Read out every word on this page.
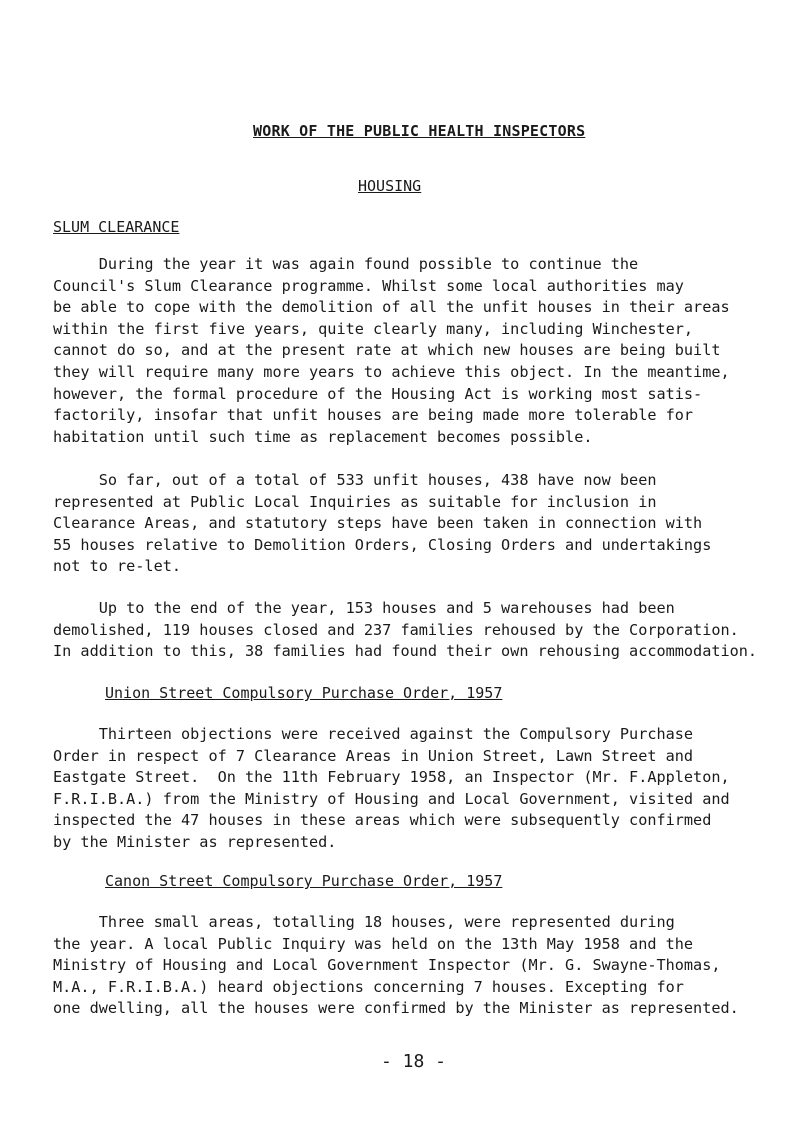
WORK OF THE PUBLIC HEALTH INSPECTORS
HOUSING
SLUM CLEARANCE
During the year it was again found possible to continue the
Council's Slum Clearance programme. Whilst some local authorities may
be able to cope with the demolition of all the unfit houses in their areas
within the first five years, quite clearly many, including Winchester,
cannot do so, and at the present rate at which new houses are being built
they will require many more years to achieve this object. In the meantime,
however, the formal procedure of the Housing Act is working most satis-
factorily, insofar that unfit houses are being made more tolerable for
habitation until such time as replacement becomes possible.
So far, out of a total of 533 unfit houses, 438 have now been
represented at Public Local Inquiries as suitable for inclusion in
Clearance Areas, and statutory steps have been taken in connection with
55 houses relative to Demolition Orders, Closing Orders and undertakings
not to re-let.
Up to the end of the year, 153 houses and 5 warehouses had been
demolished, 119 houses closed and 237 families rehoused by the Corporation.
In addition to this, 38 families had found their own rehousing accommodation.
Union Street Compulsory Purchase Order, 1957
Thirteen objections were received against the Compulsory Purchase
Order in respect of 7 Clearance Areas in Union Street, Lawn Street and
Eastgate Street.  On the 11th February 1958, an Inspector (Mr. F.Appleton,
F.R.I.B.A.) from the Ministry of Housing and Local Government, visited and
inspected the 47 houses in these areas which were subsequently confirmed
by the Minister as represented.
Canon Street Compulsory Purchase Order, 1957
Three small areas, totalling 18 houses, were represented during
the year. A local Public Inquiry was held on the 13th May 1958 and the
Ministry of Housing and Local Government Inspector (Mr. G. Swayne-Thomas,
M.A., F.R.I.B.A.) heard objections concerning 7 houses. Excepting for
one dwelling, all the houses were confirmed by the Minister as represented.
- 18 -
